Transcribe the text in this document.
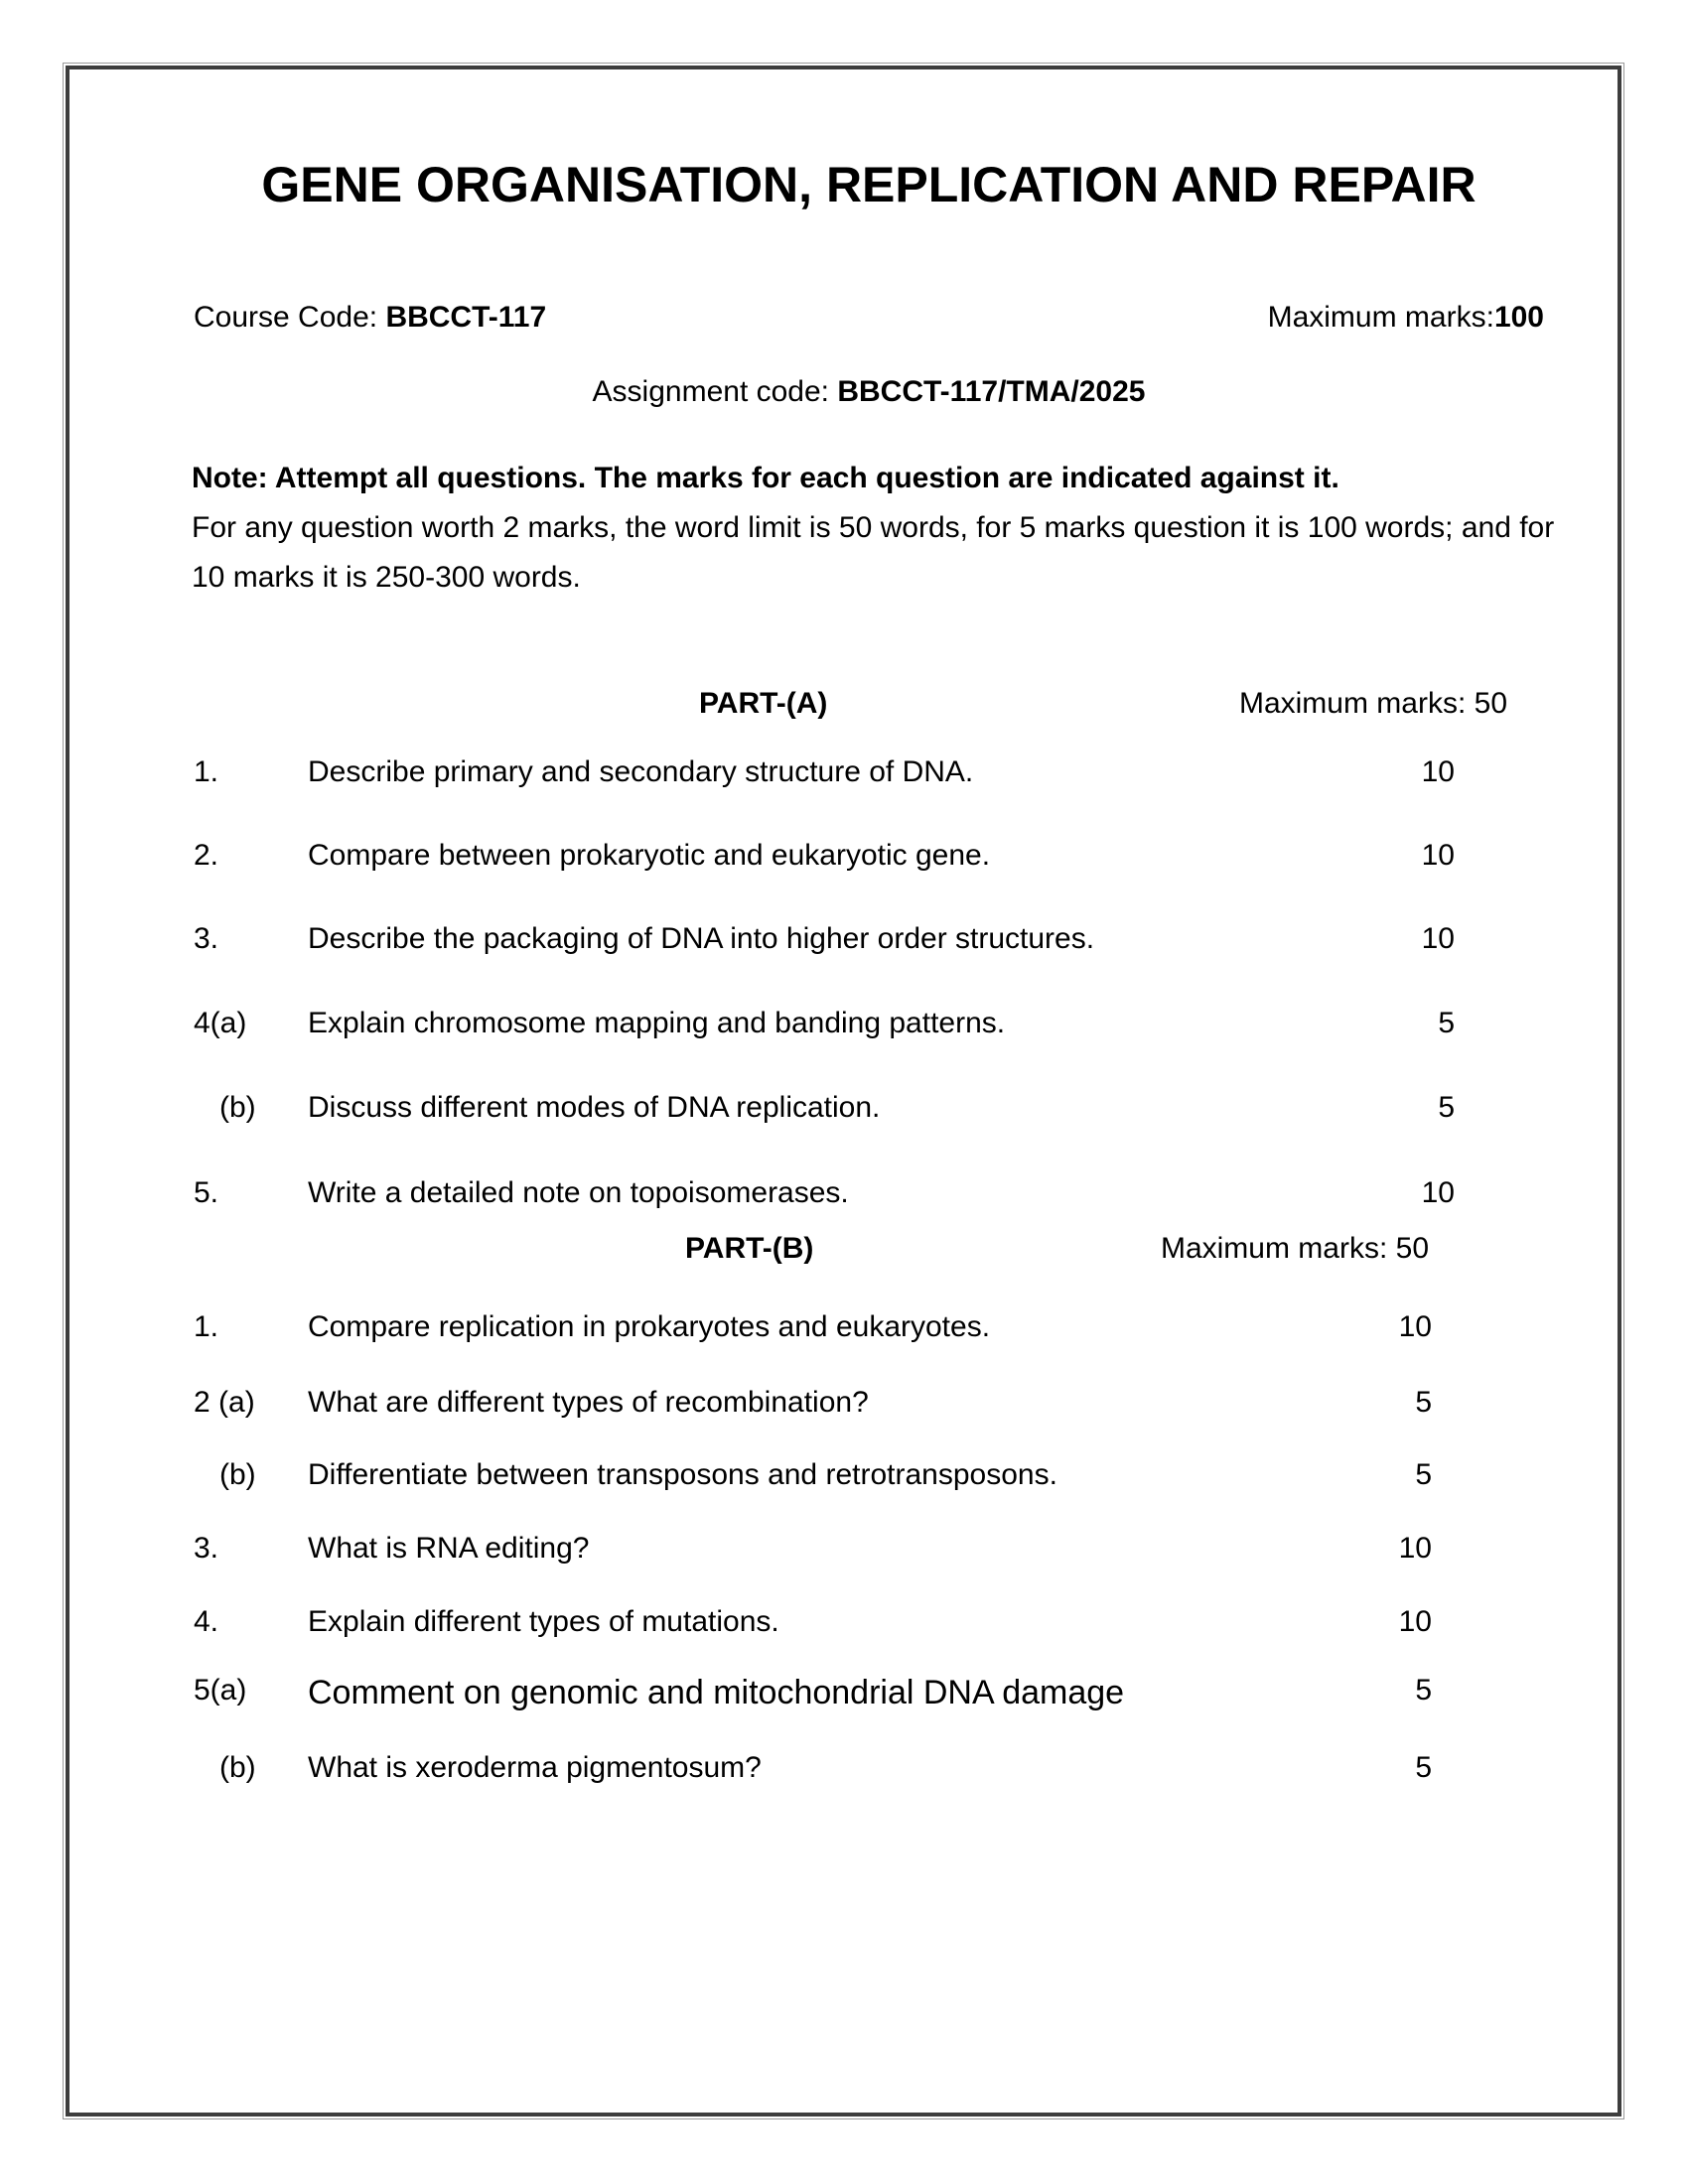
GENE ORGANISATION, REPLICATION AND REPAIR
Course Code: BBCCT-117	Maximum marks:100
Assignment code: BBCCT-117/TMA/2025
Note: Attempt all questions. The marks for each question are indicated against it.
For any question worth 2 marks, the word limit is 50 words, for 5 marks question it is 100 words; and for
10 marks it is 250-300 words.
PART-(A)	Maximum marks: 50
1.	Describe primary and secondary structure of DNA.	10
2.	Compare between prokaryotic and eukaryotic gene.	10
3.	Describe the packaging of DNA into higher order structures.	10
4(a)	Explain chromosome mapping and banding patterns.	5
(b)	Discuss different modes of DNA replication.	5
5.	Write a detailed note on topoisomerases.	10
PART-(B)	Maximum marks: 50
1.	Compare replication in prokaryotes and eukaryotes.	10
2 (a)	What are different types of recombination?	5
(b)	Differentiate between transposons and retrotransposons.	5
3.	What is RNA editing?	10
4.	Explain different types of mutations.	10
5(a)	Comment on genomic and mitochondrial DNA damage	5
(b)	What is xeroderma pigmentosum?	5
